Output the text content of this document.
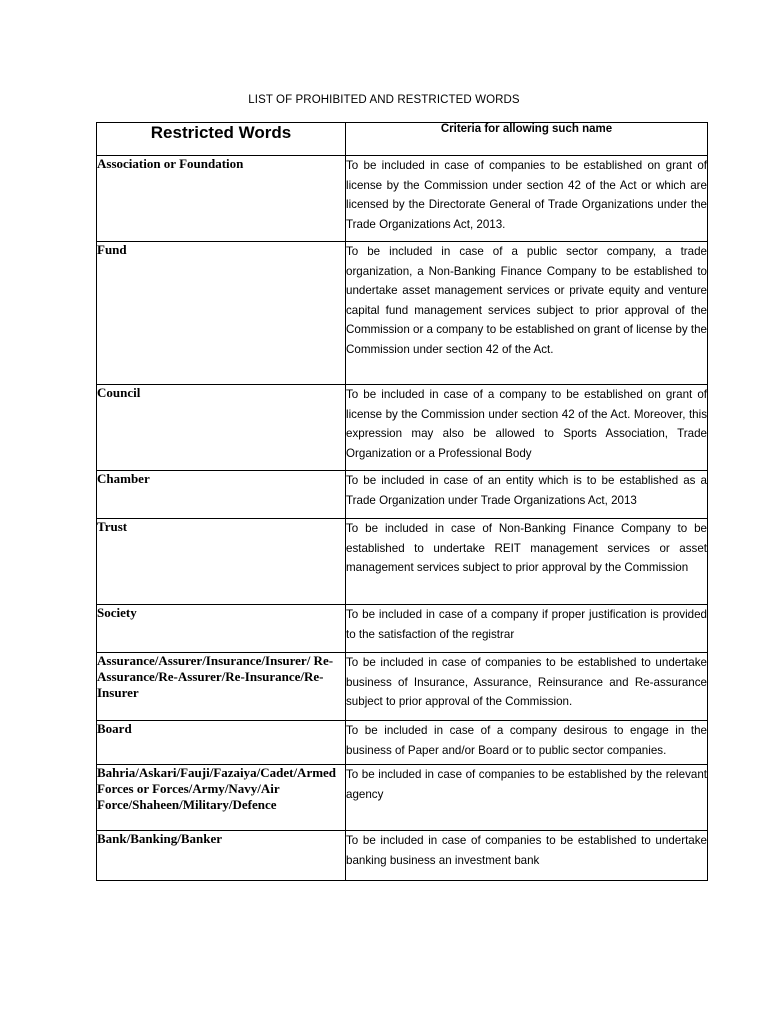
LIST OF PROHIBITED AND RESTRICTED WORDS
Restricted Words	Criteria for allowing such name
Association or Foundation	To be included in case of companies to be established on grant of license by the Commission under section 42 of the Act or which are licensed by the Directorate General of Trade Organizations under the Trade Organizations Act, 2013.
Fund	To be included in case of a public sector company, a trade organization, a Non-Banking Finance Company to be established to undertake asset management services or private equity and venture capital fund management services subject to prior approval of the Commission or a company to be established on grant of license by the Commission under section 42 of the Act.
Council	To be included in case of a company to be established on grant of license by the Commission under section 42 of the Act. Moreover, this expression may also be allowed to Sports Association, Trade Organization or a Professional Body
Chamber	To be included in case of an entity which is to be established as a Trade Organization under Trade Organizations Act, 2013
Trust	To be included in case of Non-Banking Finance Company to be established to undertake REIT management services or asset management services subject to prior approval by the Commission
Society	To be included in case of a company if proper justification is provided to the satisfaction of the registrar
Assurance/Assurer/Insurance/Insurer/ Re-Assurance/Re-Assurer/Re-Insurance/Re-Insurer	To be included in case of companies to be established to undertake business of Insurance, Assurance, Reinsurance and Re-assurance subject to prior approval of the Commission.
Board	To be included in case of a company desirous to engage in the business of Paper and/or Board or to public sector companies.
Bahria/Askari/Fauji/Fazaiya/Cadet/Armed Forces or Forces/Army/Navy/Air Force/Shaheen/Military/Defence	To be included in case of companies to be established by the relevant agency
Bank/Banking/Banker	To be included in case of companies to be established to undertake banking business an investment bank
